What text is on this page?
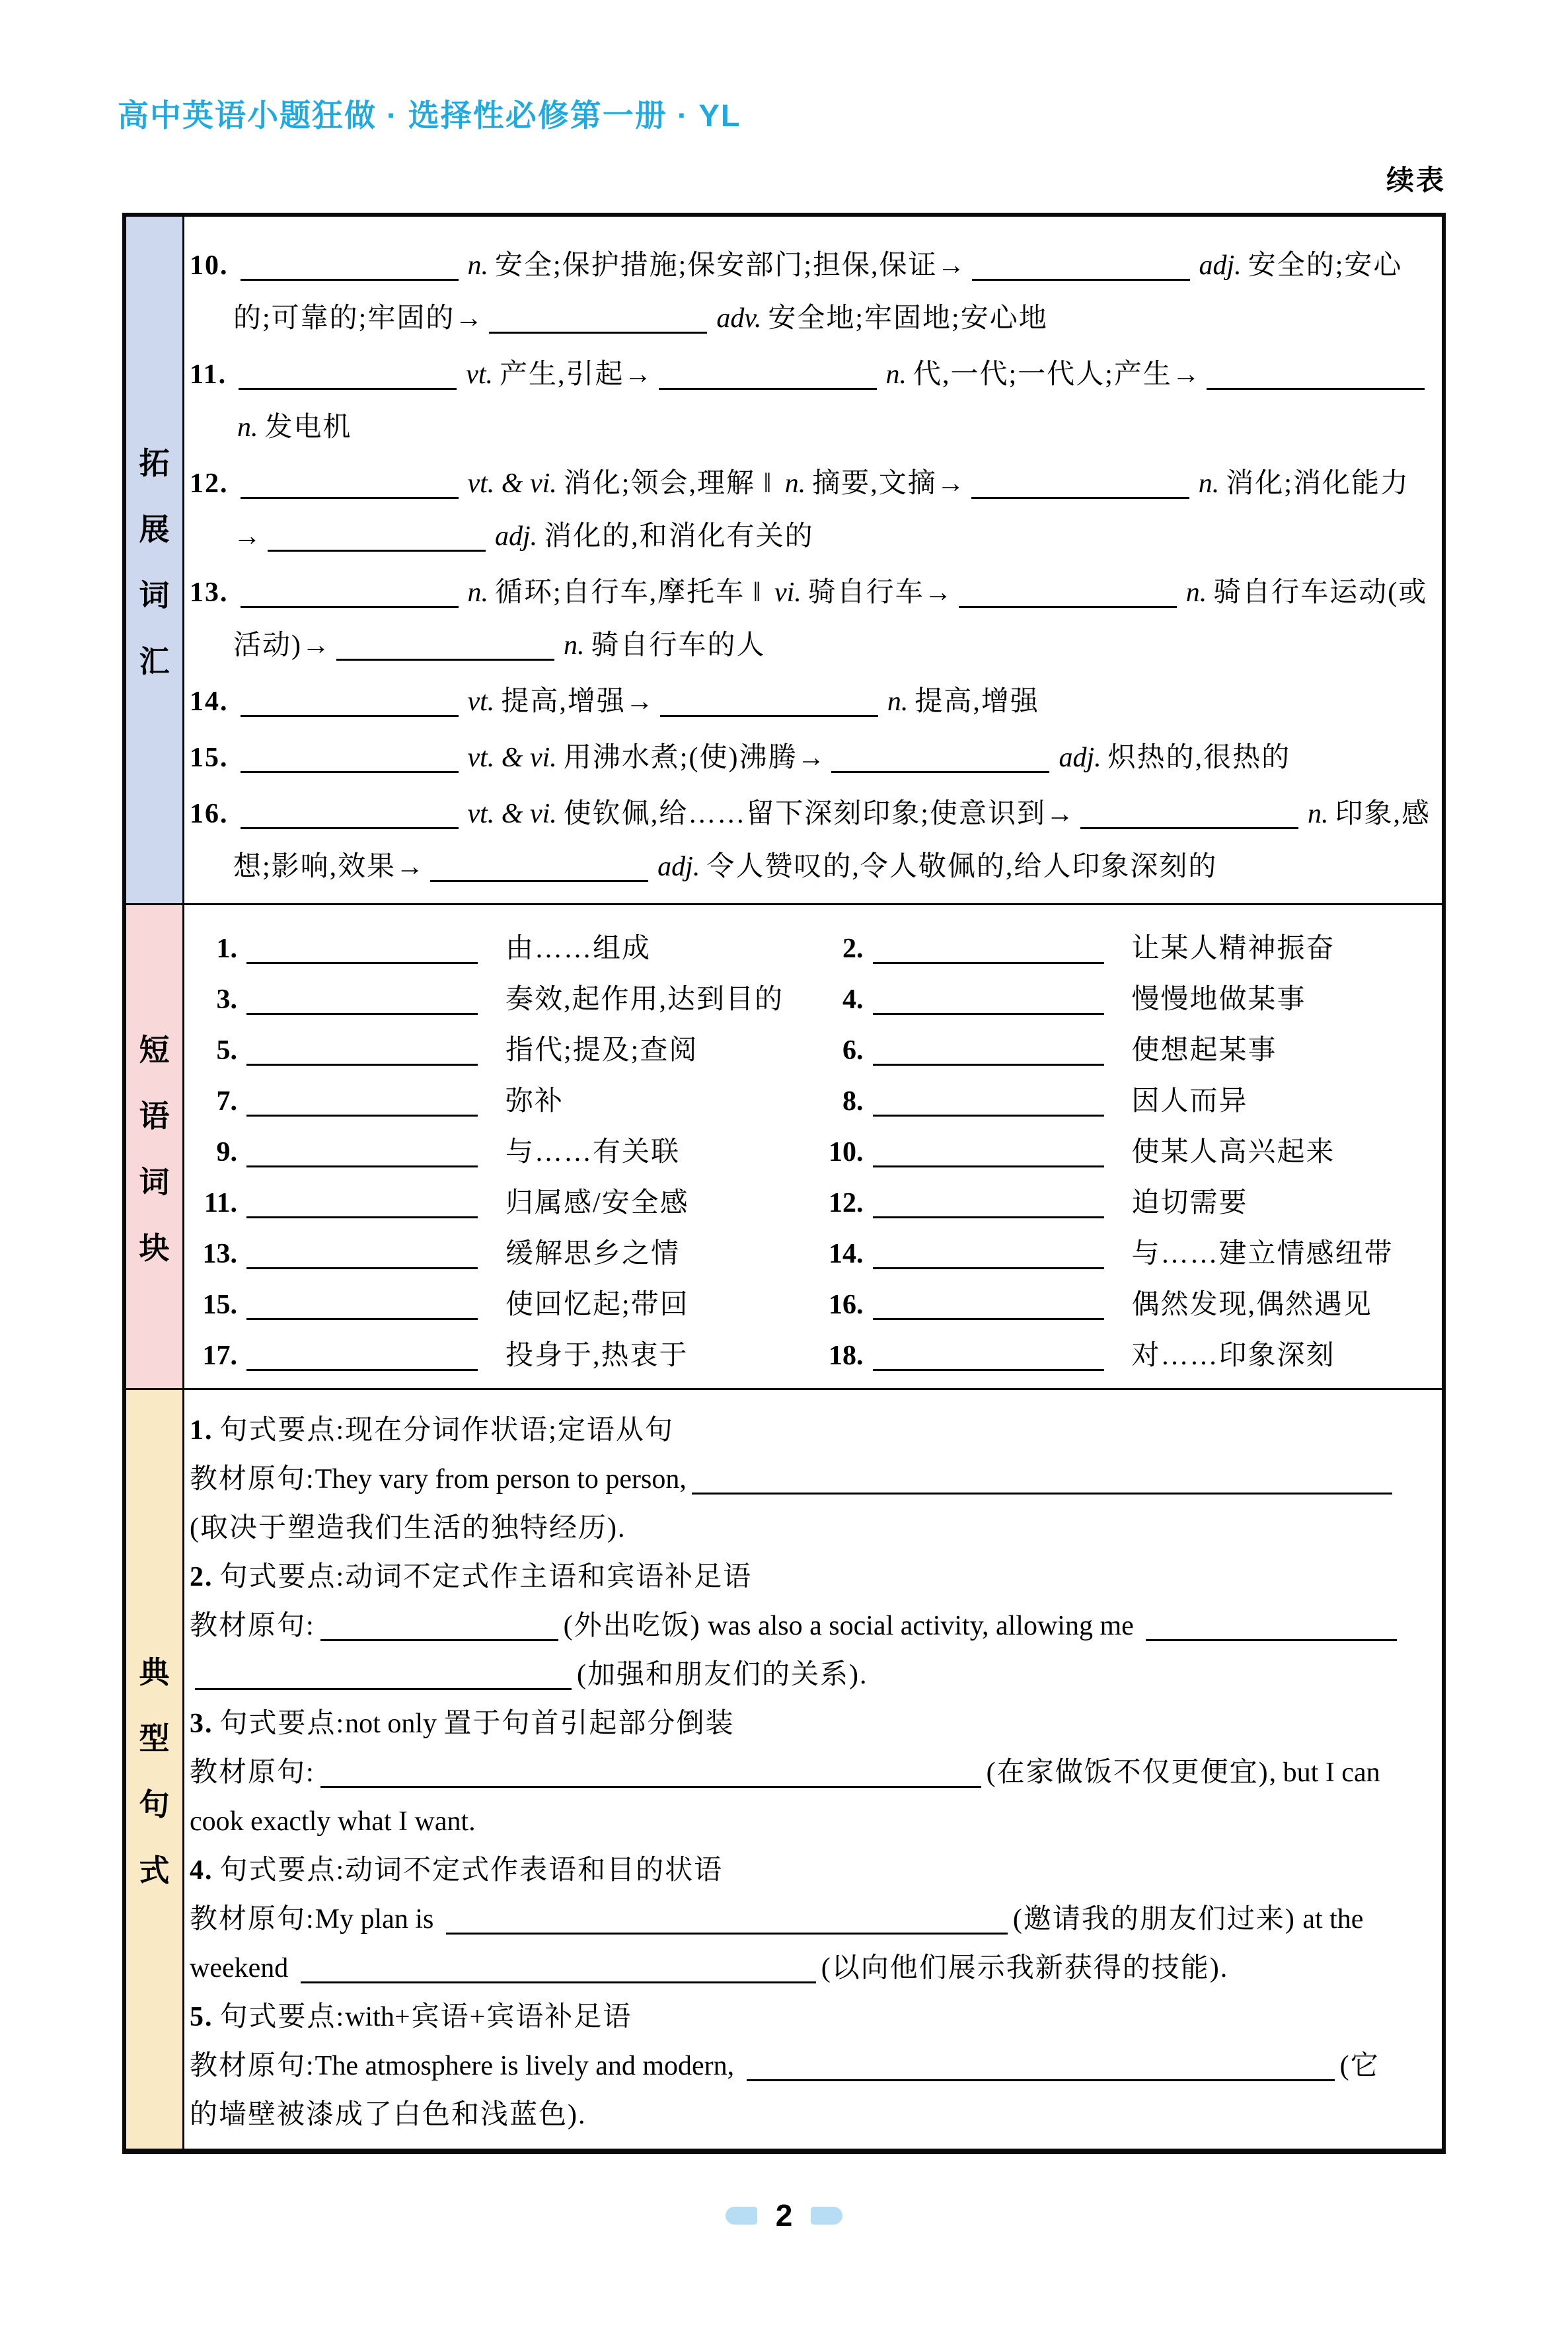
高中英语小题狂做 · 选择性必修第一册 · YL
续表
拓
展
词
汇

10.	n. 安全;保护措施;保安部门;担保,保证→	adj. 安全的;安心的;可靠的;牢固的→	adv. 安全地;牢固地;安心地

11.	vt. 产生,引起→	n. 代,一代;一代人;产生→n. 发电机

12.	vt. & vi. 消化;领会,理解 ‖ n. 摘要,文摘→	n. 消化;消化能力→	adj. 消化的,和消化有关的

13.	n. 循环;自行车,摩托车 ‖ vi. 骑自行车→	n. 骑自行车运动(或活动)→	n. 骑自行车的人

14.	vt. 提高,增强→	n. 提高,增强

15.	vt. & vi. 用沸水煮;(使)沸腾→	adj. 炽热的,很热的

16.	vt. & vi. 使钦佩,给……留下深刻印象;使意识到→	n. 印象,感想;影响,效果→	adj. 令人赞叹的,令人敬佩的,给人印象深刻的

短
语
词
块
1.	由……组成	2.	让某人精神振奋
3.	奏效,起作用,达到目的	4.	慢慢地做某事
5.	指代;提及;查阅	6.	使想起某事
7.	弥补	8.	因人而异
9.	与……有关联	10.	使某人高兴起来
11.	归属感/安全感	12.	迫切需要
13.	缓解思乡之情	14.	与……建立情感纽带
15.	使回忆起;带回	16.	偶然发现,偶然遇见
17.	投身于,热衷于	18.	对……印象深刻
典
型
句
式

1. 句式要点:现在分词作状语;定语从句

教材原句:They vary from person to person,
(取决于塑造我们生活的独特经历).

2. 句式要点:动词不定式作主语和宾语补足语

教材原句:	(外出吃饭) was also a social activity, allowing me
(加强和朋友们的关系).

3. 句式要点:not only 置于句首引起部分倒装

教材原句:	(在家做饭不仅更便宜), but I can
cook exactly what I want.

4. 句式要点:动词不定式作表语和目的状语

教材原句:My plan is	(邀请我的朋友们过来) at the
weekend	(以向他们展示我新获得的技能).

5. 句式要点:with+宾语+宾语补足语

教材原句:The atmosphere is lively and modern,	(它
的墙壁被漆成了白色和浅蓝色).

2
